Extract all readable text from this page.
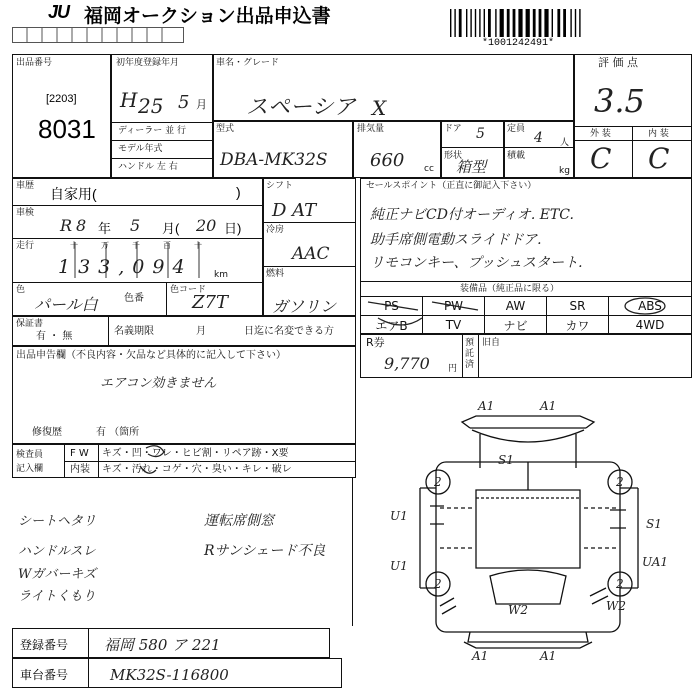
JU 福岡オークション出品申込書
*1001242491*
出品番号
[2203]
8031
初年度登録年月
H 25 5 月
ディーラー 並 行
モデル年式
ハンドル 左 右
車名・グレード
スペーシア X
型式
DBA-MK32S
排気量
660 cc
ドア 5 定員
4 人
形状
箱型
積載
kg
評 価 点
3.5
外 装	内 装
C C
車歴 自家用(	)
車検
R 8 年 5 月( 20 日)
走行	十	万	千	百	十
133,094 km
色
パール白	色番
色コード
Z7T
シフト
D AT
冷房
AAC
燃料
ガソリン
セールスポイント（正直に御記入下さい）
純正ナビCD付オーディオ. ETC.
助手席側電動スライドドア.
リモコンキー、プッシュスタート.
装備品（純正品に限る）
PS	PW	AW	SR	ABS
エアB	TV	ナビ	カワ	4WD
R券
9,770 円
預託済
旧自
保証書
有 ・ 無	名義期限	月	日迄に名変できる方
出品申告欄（不良内容・欠品など具体的に記入して下さい）
エアコン効きません
修復歴	有 （箇所
検査員
記入欄
F W キズ・凹・ワレ・ヒビ割・リペア跡・X要
内装 キズ・汚れ・コゲ・穴・臭い・キレ・破レ
シートヘタリ
ハンドルスレ
Wガバーキズ
ライトくもり
運転席側窓
Rサンシェード不良
A1	A1
S1
2	2
U1
S1
U1
2	2
UA1
W2	W2
A1	A1
登録番号 福岡 580 ア 221
車台番号	MK32S-116800
